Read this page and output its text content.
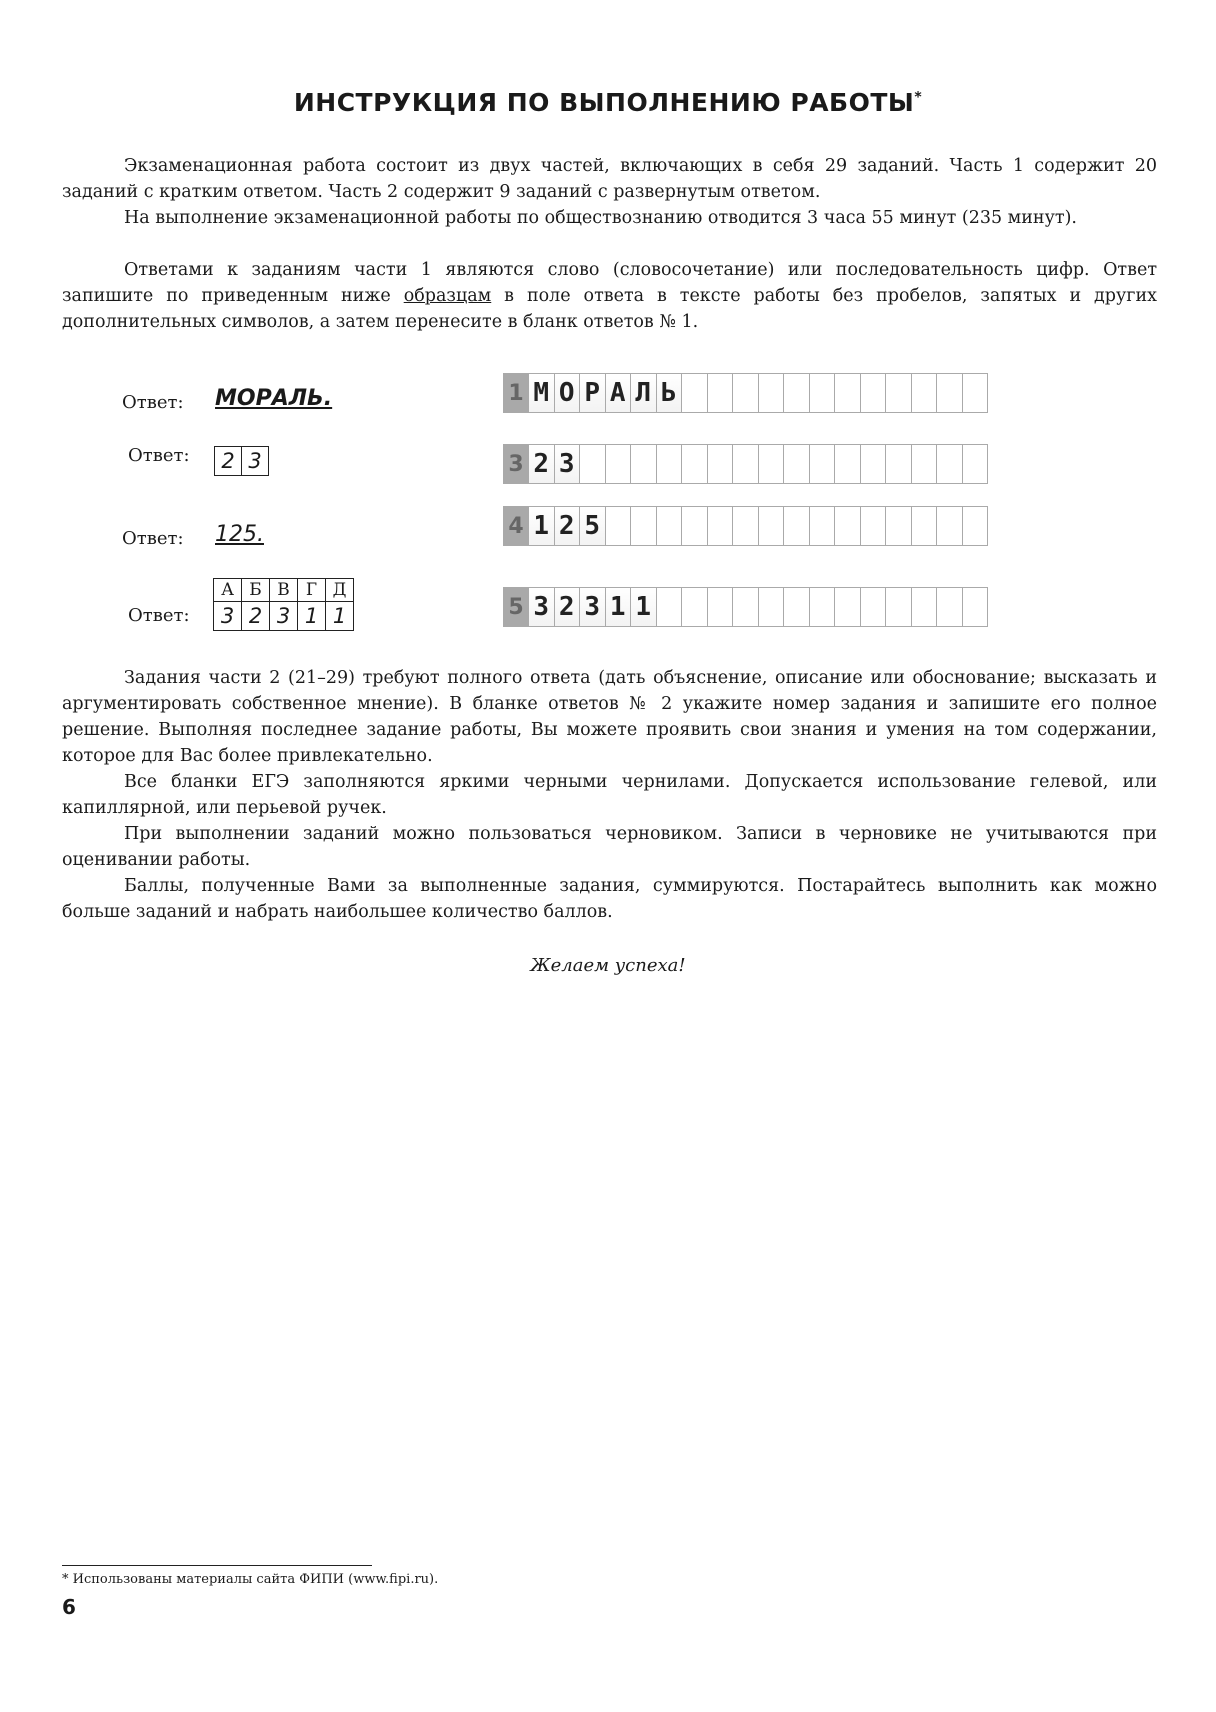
ИНСТРУКЦИЯ ПО ВЫПОЛНЕНИЮ РАБОТЫ*

Экзаменационная работа состоит из двух частей, включающих в себя 29 заданий. Часть 1 содержит 20 заданий с кратким ответом. Часть 2 содержит 9 заданий с развернутым ответом.

На выполнение экзаменационной работы по обществознанию отводится 3 часа 55 минут (235 минут).

Ответами к заданиям части 1 являются слово (словосочетание) или последовательность цифр. Ответ запишите по приведенным ниже образцам в поле ответа в тексте работы без пробелов, запятых и других дополнительных символов, а затем перенесите в бланк ответов № 1.

Ответ: МОРАЛЬ.
Ответ:	2 3
Ответ: 125.
Ответ:
А	Б	В	Г	Д
3	2	3	1	1
1 М О Р А Л Ь
3 2 3
4 1 2 5
5 3 2 3 1 1

Задания части 2 (21–29) требуют полного ответа (дать объяснение, описание или обоснование; высказать и аргументировать собственное мнение). В бланке ответов № 2 укажите номер задания и запишите его полное решение. Выполняя последнее задание работы, Вы можете проявить свои знания и умения на том содержании, которое для Вас более привлекательно.

Все бланки ЕГЭ заполняются яркими черными чернилами. Допускается использование гелевой, или капиллярной, или перьевой ручек.

При выполнении заданий можно пользоваться черновиком. Записи в черновике не учитываются при оценивании работы.

Баллы, полученные Вами за выполненные задания, суммируются. Постарайтесь выполнить как можно больше заданий и набрать наибольшее количество баллов.

Желаем успеха!
* Использованы материалы сайта ФИПИ (www.fipi.ru).
6
